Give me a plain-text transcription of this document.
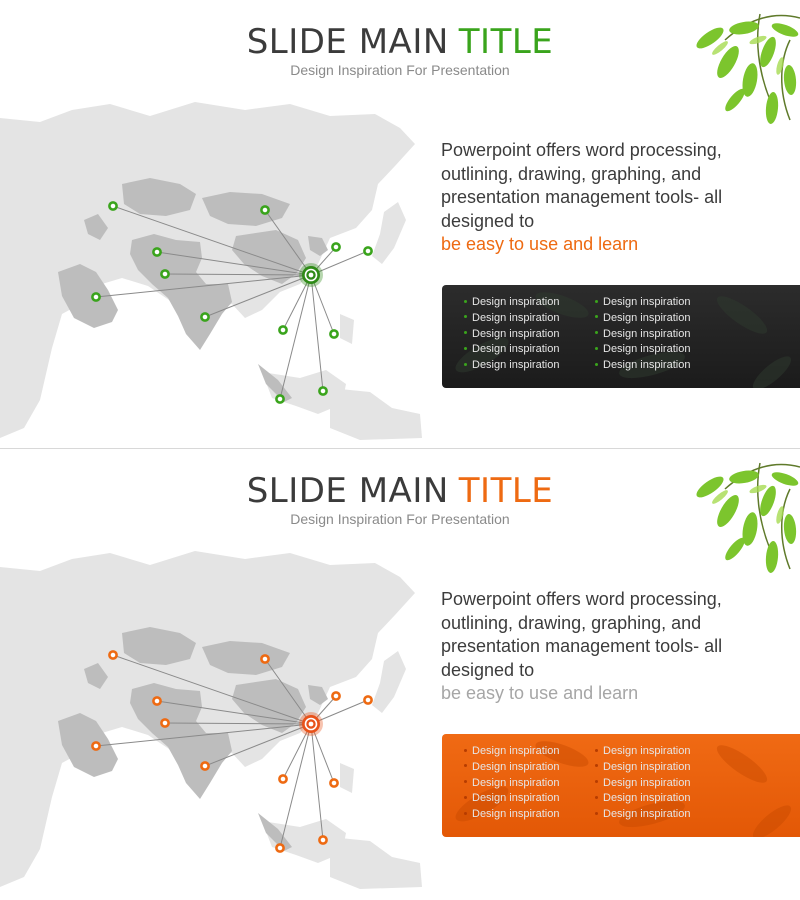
SLIDE MAIN TITLE
Design Inspiration For Presentation
Powerpoint offers word processing, outlining, drawing, graphing, and presentation management tools- all designed to
be easy to use and learn
Design inspiration
Design inspiration
Design inspiration
Design inspiration
Design inspiration
Design inspiration
Design inspiration
Design inspiration
Design inspiration
Design inspiration
SLIDE MAIN TITLE
Design Inspiration For Presentation
Powerpoint offers word processing, outlining, drawing, graphing, and presentation management tools- all designed to
be easy to use and learn
Design inspiration
Design inspiration
Design inspiration
Design inspiration
Design inspiration
Design inspiration
Design inspiration
Design inspiration
Design inspiration
Design inspiration
